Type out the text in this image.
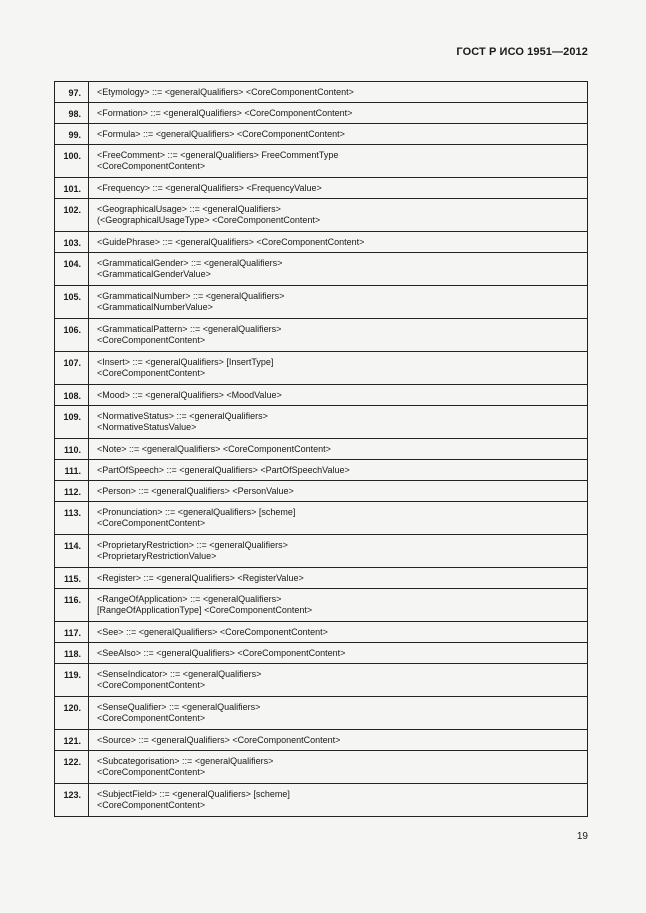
ГОСТ Р ИСО 1951—2012
97.	<Etymology> ::= <generalQualifiers> <CoreComponentContent>

98.	<Formation> ::= <generalQualifiers> <CoreComponentContent>

99.	<Formula> ::= <generalQualifiers> <CoreComponentContent>

100.	<FreeComment> ::= <generalQualifiers> FreeCommentType
<CoreComponentContent>

101.	<Frequency> ::= <generalQualifiers> <FrequencyValue>

102.	<GeographicalUsage> ::= <generalQualifiers>
(<GeographicalUsageType> <CoreComponentContent>

103.	<GuidePhrase> ::= <generalQualifiers> <CoreComponentContent>

104.	<GrammaticalGender> ::= <generalQualifiers>
<GrammaticalGenderValue>

105.	<GrammaticalNumber> ::= <generalQualifiers>
<GrammaticalNumberValue>

106.	<GrammaticalPattern> ::= <generalQualifiers>
<CoreComponentContent>

107.	<Insert> ::= <generalQualifiers> [InsertType]
<CoreComponentContent>

108.	<Mood> ::= <generalQualifiers> <MoodValue>

109.	<NormativeStatus> ::= <generalQualifiers>
<NormativeStatusValue>

110.	<Note> ::= <generalQualifiers> <CoreComponentContent>

111.	<PartOfSpeech> ::= <generalQualifiers> <PartOfSpeechValue>

112.	<Person> ::= <generalQualifiers> <PersonValue>

113.	<Pronunciation> ::= <generalQualifiers> [scheme]
<CoreComponentContent>

114.	<ProprietaryRestriction> ::= <generalQualifiers>
<ProprietaryRestrictionValue>

115.	<Register> ::= <generalQualifiers> <RegisterValue>

116.	<RangeOfApplication> ::= <generalQualifiers>
[RangeOfApplicationType] <CoreComponentContent>

117.	<See> ::= <generalQualifiers> <CoreComponentContent>

118.	<SeeAlso> ::= <generalQualifiers> <CoreComponentContent>

119.	<SenseIndicator> ::= <generalQualifiers>
<CoreComponentContent>

120.	<SenseQualifier> ::= <generalQualifiers>
<CoreComponentContent>

121.	<Source> ::= <generalQualifiers> <CoreComponentContent>

122.	<Subcategorisation> ::= <generalQualifiers>
<CoreComponentContent>

123.	<SubjectField> ::= <generalQualifiers> [scheme]
<CoreComponentContent>
19
